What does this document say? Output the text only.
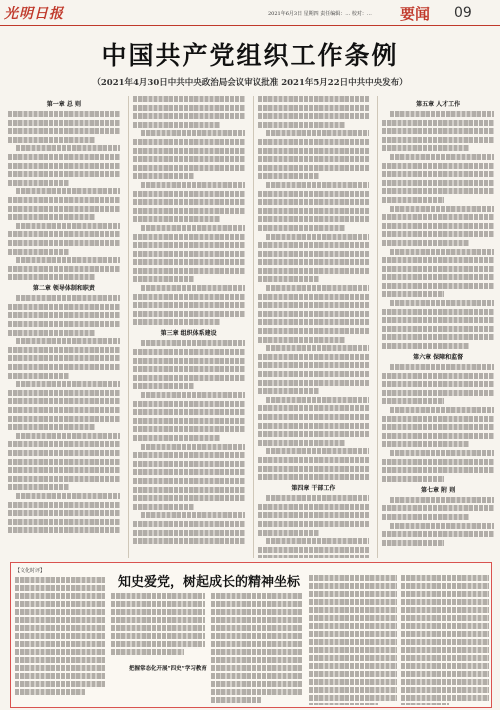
光明日报	2021年6月3日 星期四 责任编辑：… 校对：… 要闻 09
中国共产党组织工作条例
（2021年4月30日中共中央政治局会议审议批准 2021年5月22日中共中央发布）
第一章 总 则
第二章 领导体制和职责
第三章 组织体系建设
第四章 干部工作
第五章 人才工作
第六章 保障和监督
第七章 附 则
【文化时评】
知史爱党，树起成长的精神坐标
把握常态化开展“四史”学习教育
